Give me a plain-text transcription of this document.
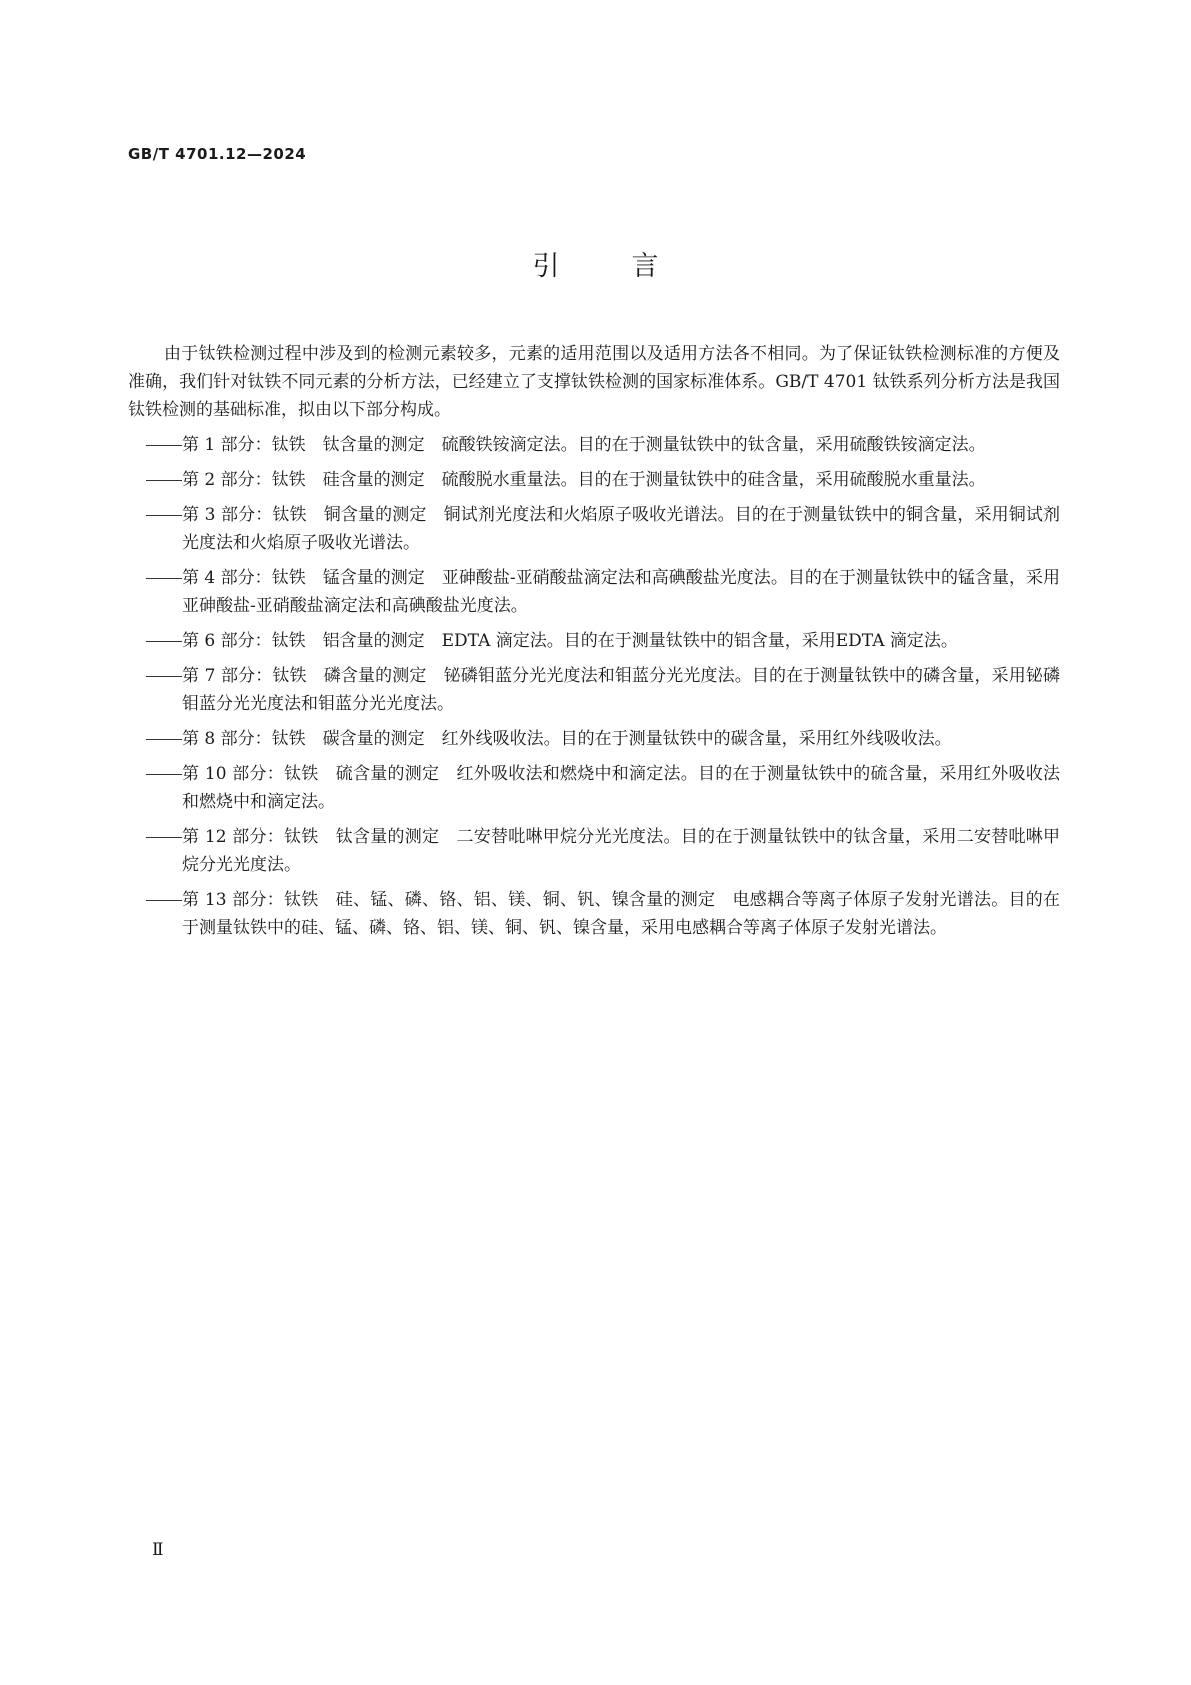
GB/T 4701.12—2024
引言

由于钛铁检测过程中涉及到的检测元素较多，元素的适用范围以及适用方法各不相同。为了保证钛铁检测标准的方便及准确，我们针对钛铁不同元素的分析方法，已经建立了支撑钛铁检测的国家标准体系。GB/T 4701 钛铁系列分析方法是我国钛铁检测的基础标准，拟由以下部分构成。

第 1 部分：钛铁 钛含量的测定 硫酸铁铵滴定法。目的在于测量钛铁中的钛含量，采用硫酸铁铵滴定法。
第 2 部分：钛铁 硅含量的测定 硫酸脱水重量法。目的在于测量钛铁中的硅含量，采用硫酸脱水重量法。
第 3 部分：钛铁 铜含量的测定 铜试剂光度法和火焰原子吸收光谱法。目的在于测量钛铁中的铜含量，采用铜试剂光度法和火焰原子吸收光谱法。
第 4 部分：钛铁 锰含量的测定 亚砷酸盐-亚硝酸盐滴定法和高碘酸盐光度法。目的在于测量钛铁中的锰含量，采用亚砷酸盐-亚硝酸盐滴定法和高碘酸盐光度法。
第 6 部分：钛铁 铝含量的测定 EDTA 滴定法。目的在于测量钛铁中的铝含量，采用EDTA 滴定法。
第 7 部分：钛铁 磷含量的测定 铋磷钼蓝分光光度法和钼蓝分光光度法。目的在于测量钛铁中的磷含量，采用铋磷钼蓝分光光度法和钼蓝分光光度法。
第 8 部分：钛铁 碳含量的测定 红外线吸收法。目的在于测量钛铁中的碳含量，采用红外线吸收法。
第 10 部分：钛铁 硫含量的测定 红外吸收法和燃烧中和滴定法。目的在于测量钛铁中的硫含量，采用红外吸收法和燃烧中和滴定法。
第 12 部分：钛铁 钛含量的测定 二安替吡啉甲烷分光光度法。目的在于测量钛铁中的钛含量，采用二安替吡啉甲烷分光光度法。
第 13 部分：钛铁 硅、锰、磷、铬、铝、镁、铜、钒、镍含量的测定 电感耦合等离子体原子发射光谱法。目的在于测量钛铁中的硅、锰、磷、铬、铝、镁、铜、钒、镍含量，采用电感耦合等离子体原子发射光谱法。
Ⅱ
